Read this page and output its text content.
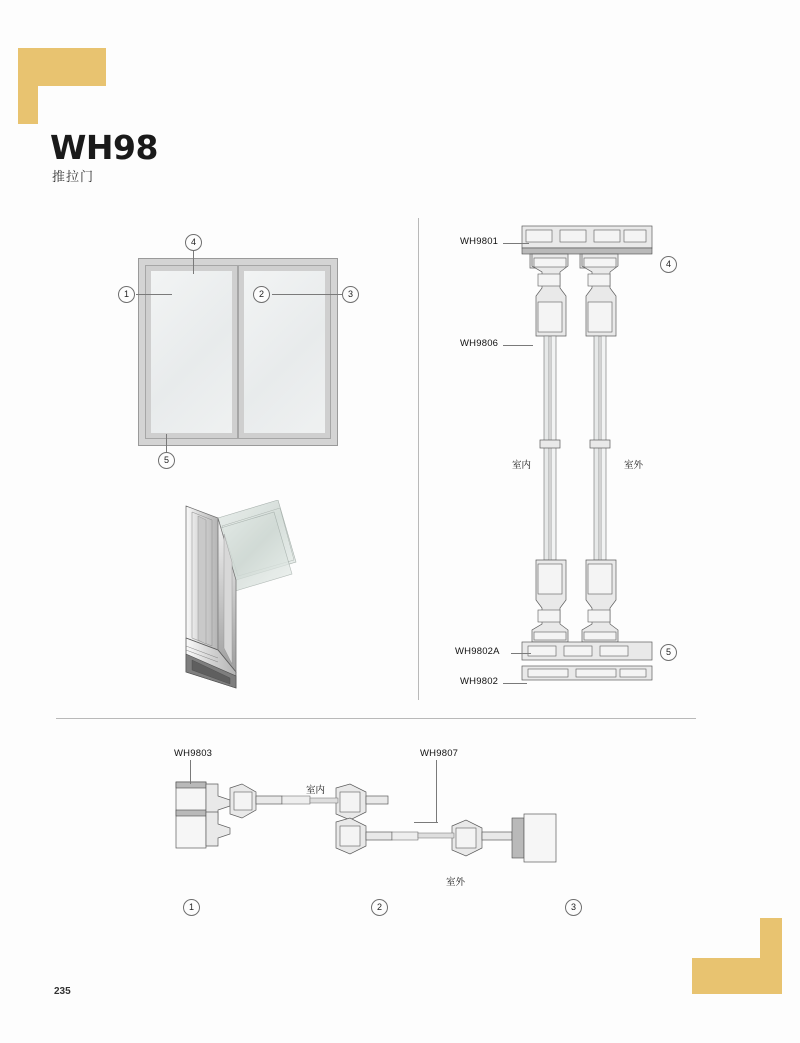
WH98
推拉门
4
1	2	3
5
WH9801
WH9806
WH9802A
WH9802
室内	室外
4
5
WH9803	WH9807
室内
室外
1	2	3
235
